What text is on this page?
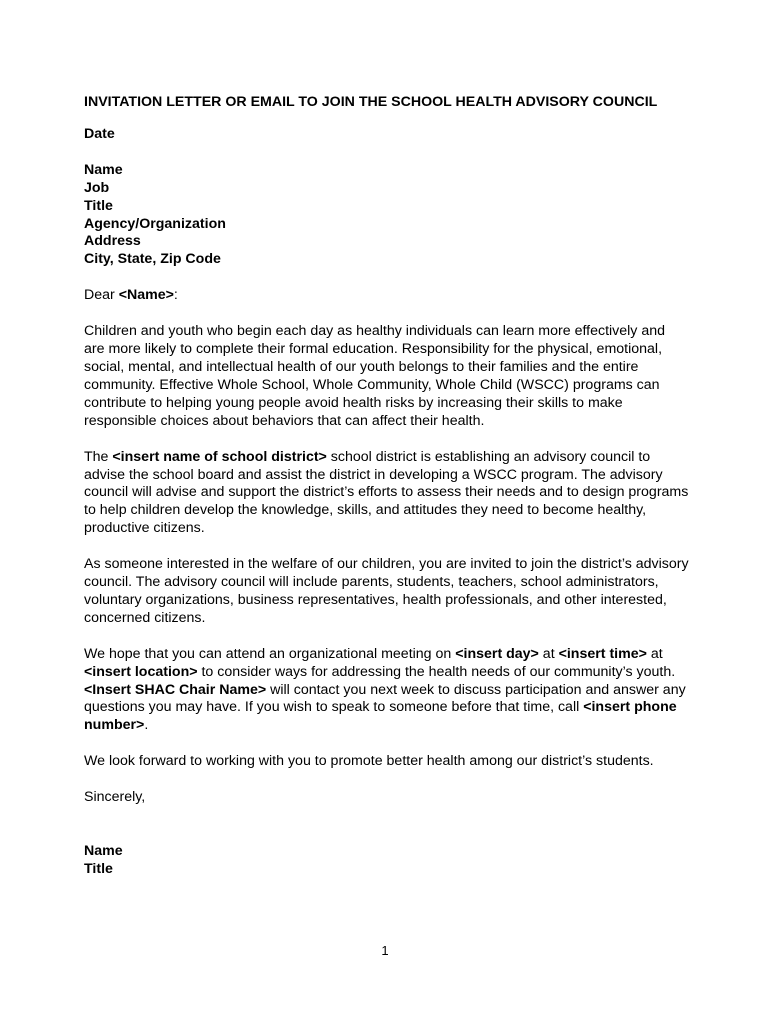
INVITATION LETTER OR EMAIL TO JOIN THE SCHOOL HEALTH ADVISORY COUNCIL
Date
Name
Job
Title
Agency/Organization
Address
City, State, Zip Code

Dear <Name>:

Children and youth who begin each day as healthy individuals can learn more effectively and are more likely to complete their formal education. Responsibility for the physical, emotional, social, mental, and intellectual health of our youth belongs to their families and the entire community. Effective Whole School, Whole Community, Whole Child (WSCC) programs can contribute to helping young people avoid health risks by increasing their skills to make responsible choices about behaviors that can affect their health.

The <insert name of school district> school district is establishing an advisory council to advise the school board and assist the district in developing a WSCC program. The advisory council will advise and support the district’s efforts to assess their needs and to design programs to help children develop the knowledge, skills, and attitudes they need to become healthy, productive citizens.

As someone interested in the welfare of our children, you are invited to join the district’s advisory council. The advisory council will include parents, students, teachers, school administrators, voluntary organizations, business representatives, health professionals, and other interested, concerned citizens.

We hope that you can attend an organizational meeting on <insert day> at <insert time> at <insert location> to consider ways for addressing the health needs of our community’s youth. <Insert SHAC Chair Name> will contact you next week to discuss participation and answer any questions you may have. If you wish to speak to someone before that time, call <insert phone number>.

We look forward to working with you to promote better health among our district’s students.

Sincerely,

Name
Title
1
